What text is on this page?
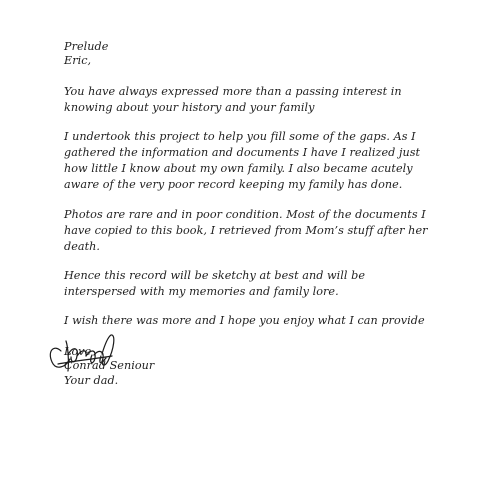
Prelude
Eric,
You have always expressed more than a passing interest in
knowing about your history and your family
I undertook this project to help you fill some of the gaps. As I
gathered the information and documents I have I realized just
how little I know about my own family. I also became acutely
aware of the very poor record keeping my family has done.
Photos are rare and in poor condition. Most of the documents I
have copied to this book, I retrieved from Mom’s stuff after her
death.
Hence this record will be sketchy at best and will be
interspersed with my memories and family lore.
I wish there was more and I hope you enjoy what I can provide
Love
Conrad Seniour
Your dad.
